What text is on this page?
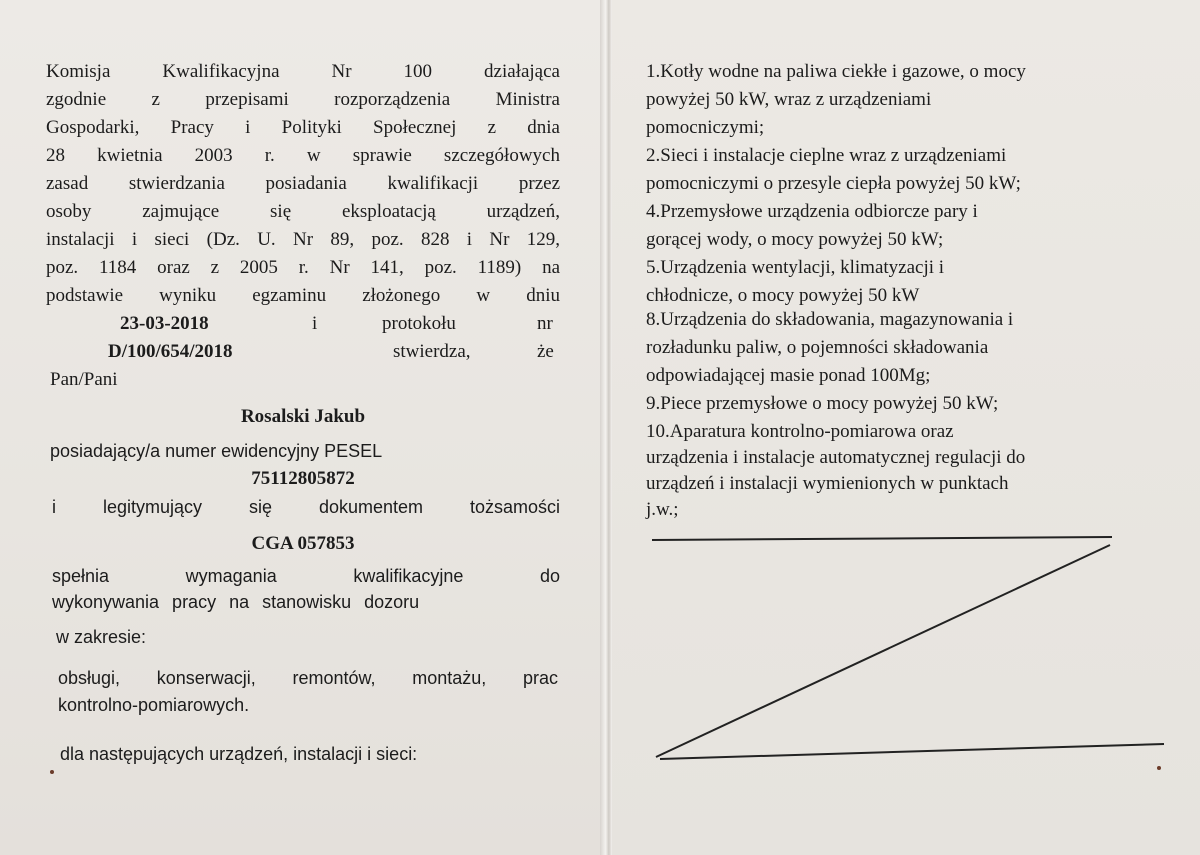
Komisja Kwalifikacyjna Nr 100 działająca
zgodnie z przepisami rozporządzenia Ministra
Gospodarki, Pracy i Polityki Społecznej z dnia
28 kwietnia 2003 r. w sprawie szczegółowych
zasad stwierdzania posiadania kwalifikacji przez
osoby zajmujące się eksploatacją urządzeń,
instalacji i sieci (Dz. U. Nr 89, poz. 828 i Nr 129,
poz. 1184 oraz z 2005 r. Nr 141, poz. 1189) na
podstawie wyniku egzaminu złożonego w dniu
23-03-2018	i	protokołu	nr
D/100/654/2018	stwierdza,	że
Pan/Pani
Rosalski Jakub
posiadający/a numer ewidencyjny PESEL
75112805872
i legitymujący się dokumentem tożsamości
CGA 057853
spełnia wymagania kwalifikacyjne do
wykonywania pracy na stanowisku dozoru
w zakresie:
obsługi, konserwacji, remontów, montażu, prac
kontrolno-pomiarowych.
dla następujących urządzeń, instalacji i sieci:
1.Kotły wodne na paliwa ciekłe i gazowe, o mocy
powyżej 50 kW, wraz z urządzeniami
pomocniczymi;
2.Sieci i instalacje cieplne wraz z urządzeniami
pomocniczymi o przesyle ciepła powyżej 50 kW;
4.Przemysłowe urządzenia odbiorcze pary i
gorącej wody, o mocy powyżej 50 kW;
5.Urządzenia wentylacji, klimatyzacji i
chłodnicze, o mocy powyżej 50 kW
8.Urządzenia do składowania, magazynowania i
rozładunku paliw, o pojemności składowania
odpowiadającej masie ponad 100Mg;
9.Piece przemysłowe o mocy powyżej 50 kW;
10.Aparatura kontrolno-pomiarowa oraz
urządzenia i instalacje automatycznej regulacji do
urządzeń i instalacji wymienionych w punktach
j.w.;
